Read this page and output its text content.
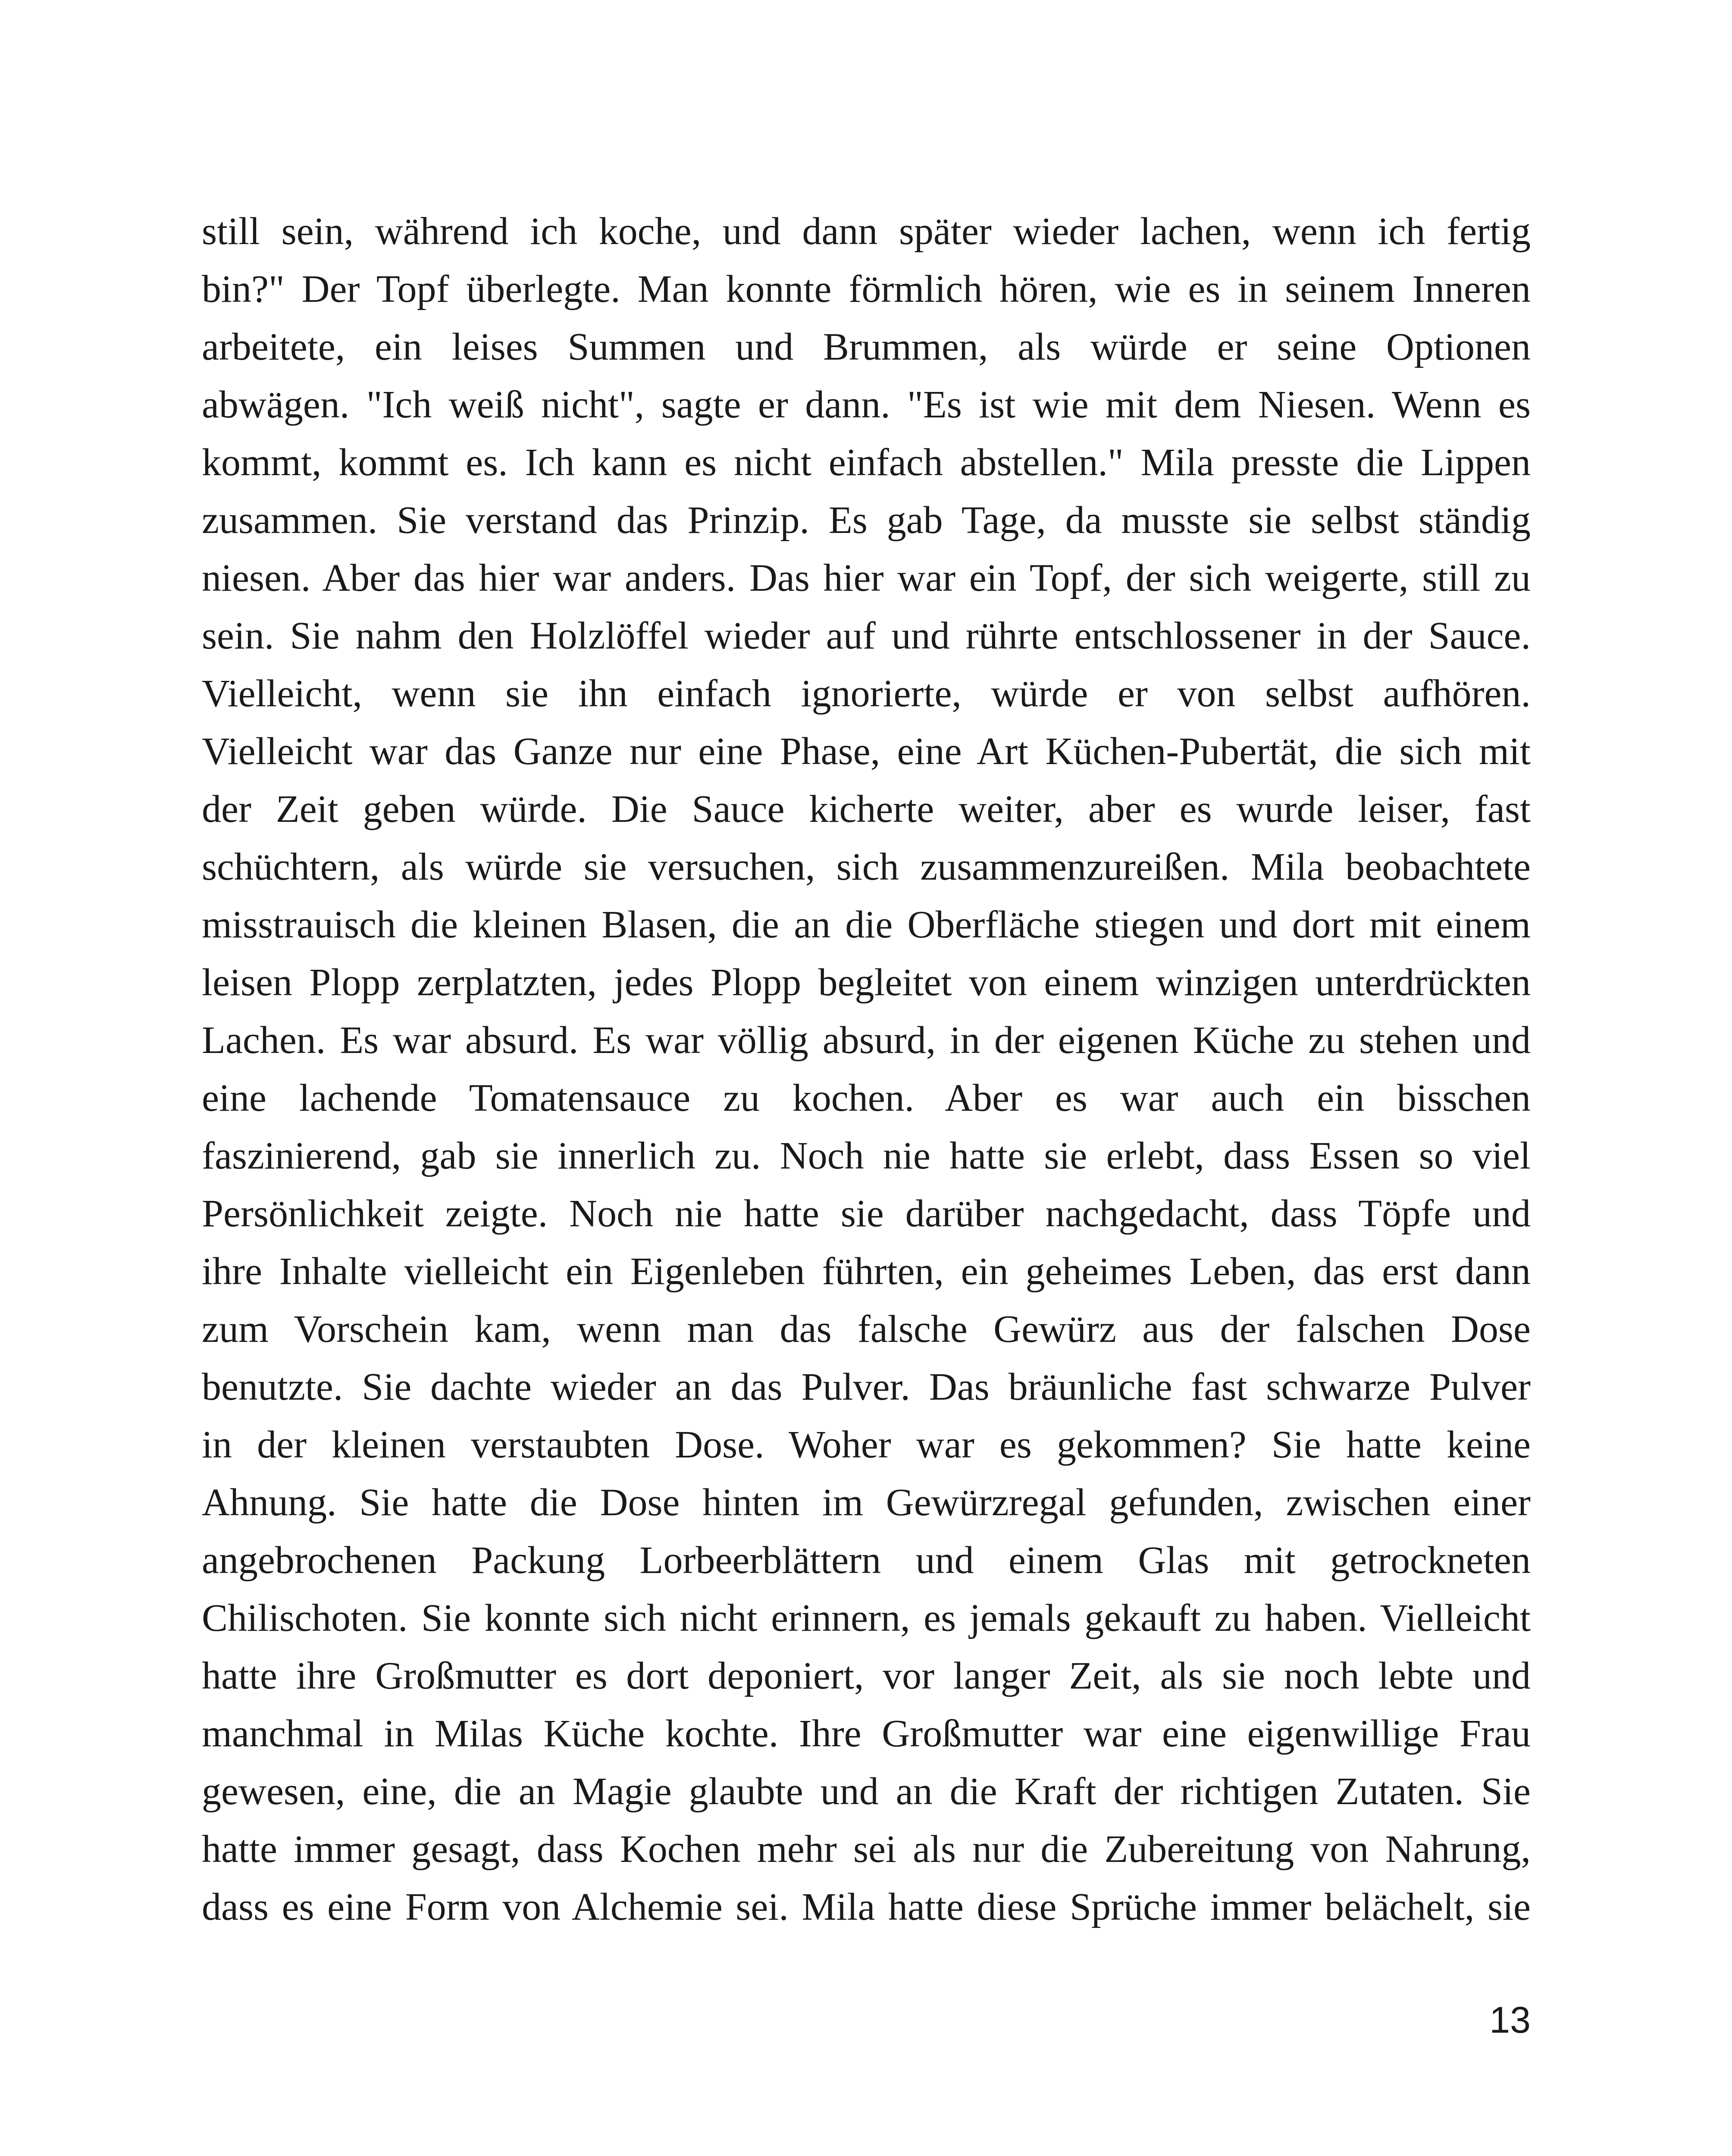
still sein, während ich koche, und dann später wieder lachen, wenn ich fertig
bin?" Der Topf überlegte. Man konnte förmlich hören, wie es in seinem Inneren
arbeitete, ein leises Summen und Brummen, als würde er seine Optionen
abwägen. "Ich weiß nicht", sagte er dann. "Es ist wie mit dem Niesen. Wenn es
kommt, kommt es. Ich kann es nicht einfach abstellen." Mila presste die Lippen
zusammen. Sie verstand das Prinzip. Es gab Tage, da musste sie selbst ständig
niesen. Aber das hier war anders. Das hier war ein Topf, der sich weigerte, still zu
sein. Sie nahm den Holzlöffel wieder auf und rührte entschlossener in der Sauce.
Vielleicht, wenn sie ihn einfach ignorierte, würde er von selbst aufhören.
Vielleicht war das Ganze nur eine Phase, eine Art Küchen-Pubertät, die sich mit
der Zeit geben würde. Die Sauce kicherte weiter, aber es wurde leiser, fast
schüchtern, als würde sie versuchen, sich zusammenzureißen. Mila beobachtete
misstrauisch die kleinen Blasen, die an die Oberfläche stiegen und dort mit einem
leisen Plopp zerplatzten, jedes Plopp begleitet von einem winzigen unterdrückten
Lachen. Es war absurd. Es war völlig absurd, in der eigenen Küche zu stehen und
eine lachende Tomatensauce zu kochen. Aber es war auch ein bisschen
faszinierend, gab sie innerlich zu. Noch nie hatte sie erlebt, dass Essen so viel
Persönlichkeit zeigte. Noch nie hatte sie darüber nachgedacht, dass Töpfe und
ihre Inhalte vielleicht ein Eigenleben führten, ein geheimes Leben, das erst dann
zum Vorschein kam, wenn man das falsche Gewürz aus der falschen Dose
benutzte. Sie dachte wieder an das Pulver. Das bräunliche fast schwarze Pulver
in der kleinen verstaubten Dose. Woher war es gekommen? Sie hatte keine
Ahnung. Sie hatte die Dose hinten im Gewürzregal gefunden, zwischen einer
angebrochenen Packung Lorbeerblättern und einem Glas mit getrockneten
Chilischoten. Sie konnte sich nicht erinnern, es jemals gekauft zu haben. Vielleicht
hatte ihre Großmutter es dort deponiert, vor langer Zeit, als sie noch lebte und
manchmal in Milas Küche kochte. Ihre Großmutter war eine eigenwillige Frau
gewesen, eine, die an Magie glaubte und an die Kraft der richtigen Zutaten. Sie
hatte immer gesagt, dass Kochen mehr sei als nur die Zubereitung von Nahrung,
dass es eine Form von Alchemie sei. Mila hatte diese Sprüche immer belächelt, sie
13
